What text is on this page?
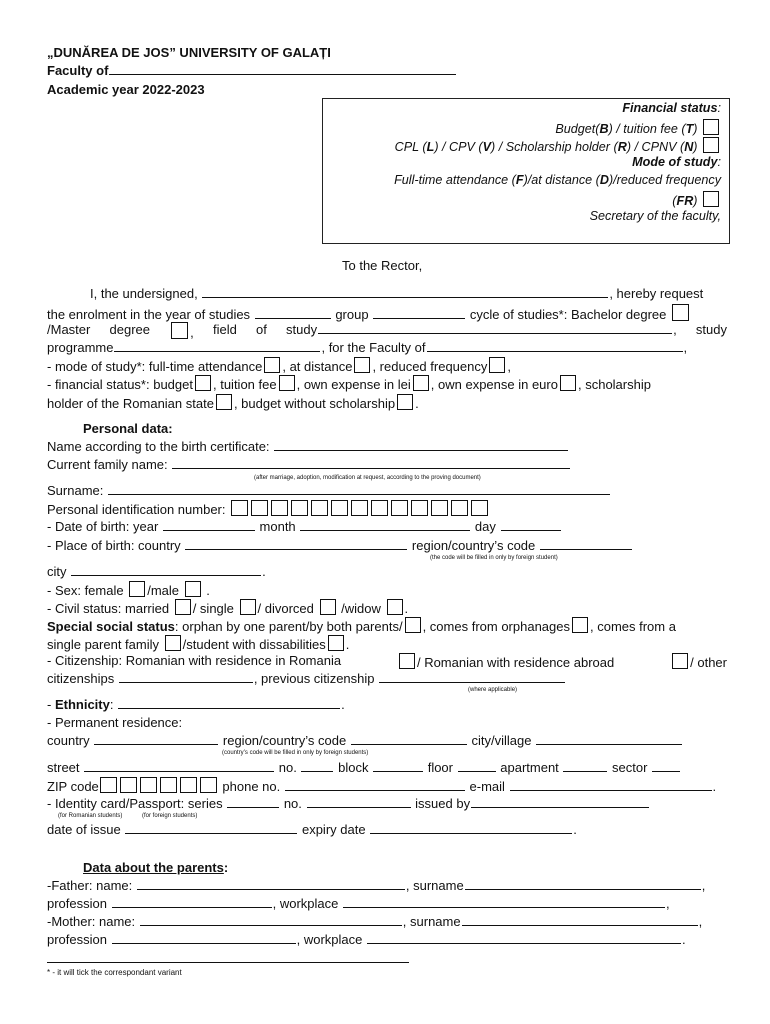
„DUNĂREA DE JOS” UNIVERSITY OF GALAȚI
Faculty of
Academic year 2022-2023
Financial status:
Budget(B) / tuition fee (T)
CPL (L) / CPV (V) / Scholarship holder (R) / CPNV (N)
Mode of study:
Full-time attendance (F)/at distance (D)/reduced frequency
(FR)
Secretary of the faculty,
To the Rector,
I, the undersigned,	, hereby request
the enrolment in the year of studies	group	cycle of studies*: Bachelor degree
/Master degree	, field of study	, study
programme	, for the Faculty of	,
- mode of study*: full-time attendance , at distance , reduced frequency ,
- financial status*: budget , tuition fee , own expense in lei , own expense in euro , scholarship
holder of the Romanian state , budget without scholarship .
Personal data:
Name according to the birth certificate:
Current family name:
(after marriage, adoption, modification at request, according to the proving document)
Surname:
Personal identification number:
- Date of birth: year	month	day
- Place of birth: country	region/country’s code
(the code will be filled in only by foreign student)
city	.
- Sex: female /male .
- Civil status: married / single / divorced /widow .
Special social status: orphan by one parent/by both parents/ , comes from orphanages , comes from a
single parent family /student with dissabilities .
- Citizenship: Romanian with residence in Romania	/ Romanian with residence abroad	/ other
citizenships	, previous citizenship
(where applicable)
- Ethnicity:	.
- Permanent residence:
country	region/country’s code	city/village
(country’s code will be filled in only by foreign students)
street	no.	block	floor	apartment	sector
ZIP code	phone no.	e-mail	.
- Identity card/Passport: series	no.	issued by
(for Romanian students)	(for foreign students)
date of issue	expiry date	.
Data about the parents:
-Father: name:	, surname	,
profession	, workplace	,
-Mother: name:	, surname	,
profession	, workplace	.
* - it will tick the correspondant variant
